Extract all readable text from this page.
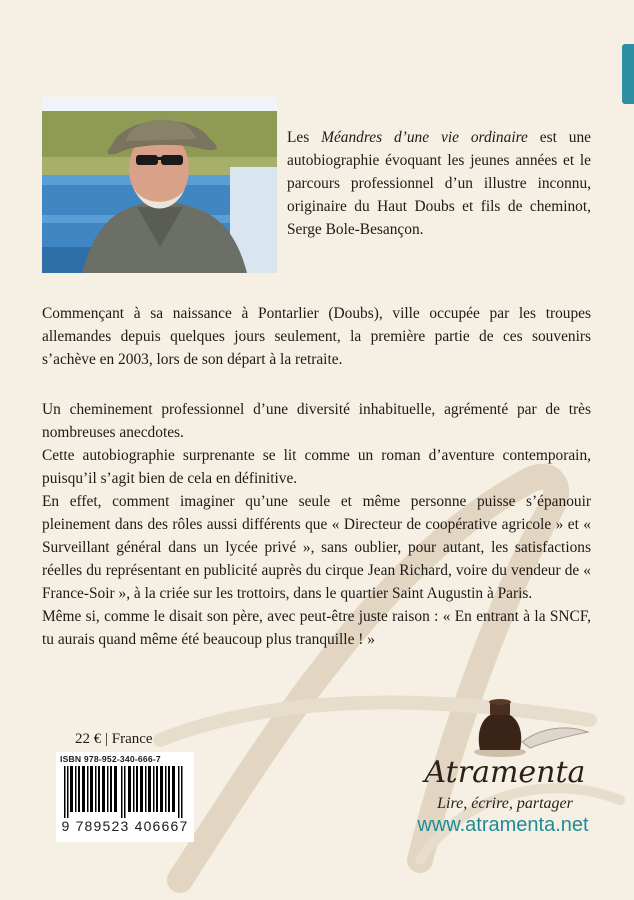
Les Méandres d’une vie ordinaire est une autobiographie évoquant les jeunes années et le parcours professionnel d’un illustre inconnu, originaire du Haut Doubs et fils de cheminot, Serge Bole-Besançon.

Commençant à sa naissance à Pontarlier (Doubs), ville occupée par les troupes allemandes depuis quelques jours seulement, la première partie de ces souvenirs s’achève en 2003, lors de son départ à la retraite.

Un cheminement professionnel d’une diversité inhabituelle, agrémenté par de très nombreuses anecdotes.
Cette autobiographie surprenante se lit comme un roman d’aventure contemporain, puisqu’il s’agit bien de cela en définitive.
En effet, comment imaginer qu’une seule et même personne puisse s’épanouir pleinement dans des rôles aussi différents que « Directeur de coopérative agricole » et « Surveillant général dans un lycée privé », sans oublier, pour autant, les satisfactions réelles du représentant en publicité auprès du cirque Jean Richard, voire du vendeur de « France-Soir », à la criée sur les trottoirs, dans le quartier Saint Augustin à Paris.
Même si, comme le disait son père, avec peut-être juste raison : « En entrant à la SNCF, tu aurais quand même été beaucoup plus tranquille ! »
22 € | France
ISBN 978-952-340-666-7
9 789523 406667
Atramenta
Lire, écrire, partager
www.atramenta.net
